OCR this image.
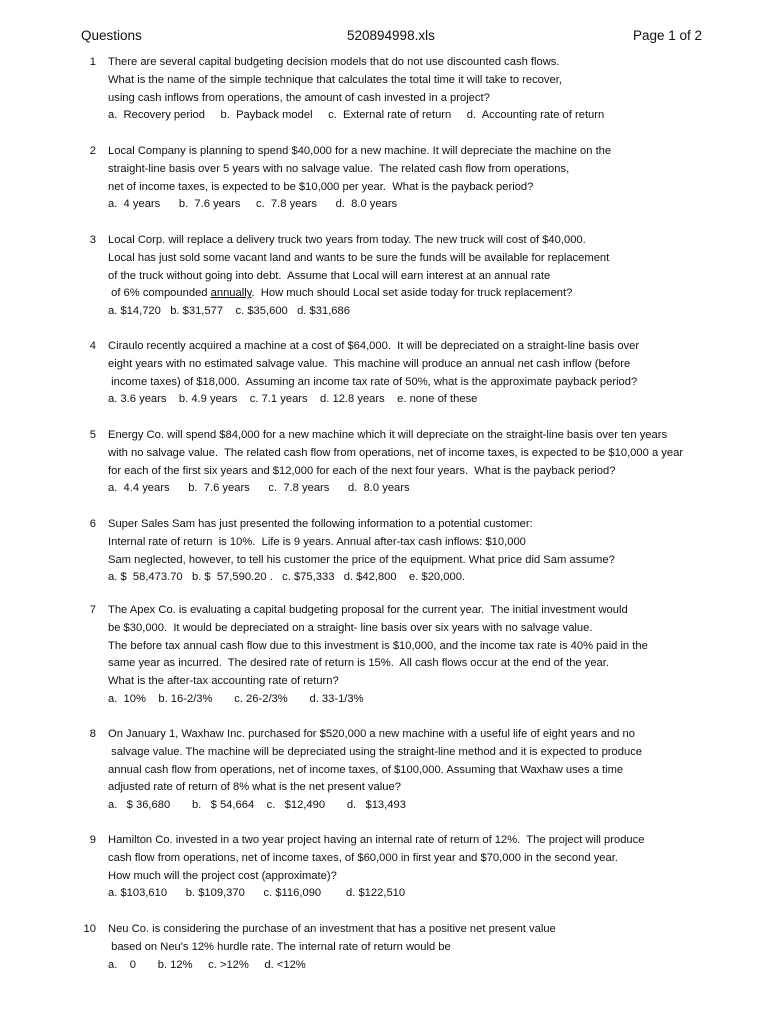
Questions	520894998.xls	Page 1 of 2
1 There are several capital budgeting decision models that do not use discounted cash flows.
What is the name of the simple technique that calculates the total time it will take to recover,
using cash inflows from operations, the amount of cash invested in a project?
a.  Recovery period     b.  Payback model     c.  External rate of return     d.  Accounting rate of return
2 Local Company is planning to spend $40,000 for a new machine. It will depreciate the machine on the
straight-line basis over 5 years with no salvage value.  The related cash flow from operations,
net of income taxes, is expected to be $10,000 per year.  What is the payback period?
a.  4 years      b.  7.6 years     c.  7.8 years      d.  8.0 years
3 Local Corp. will replace a delivery truck two years from today. The new truck will cost of $40,000.
Local has just sold some vacant land and wants to be sure the funds will be available for replacement
of the truck without going into debt.  Assume that Local will earn interest at an annual rate
of 6% compounded annually.  How much should Local set aside today for truck replacement?
a. $14,720   b. $31,577    c. $35,600   d. $31,686
4 Ciraulo recently acquired a machine at a cost of $64,000.  It will be depreciated on a straight-line basis over
eight years with no estimated salvage value.  This machine will produce an annual net cash inflow (before
income taxes) of $18,000.  Assuming an income tax rate of 50%, what is the approximate payback period?
a. 3.6 years    b. 4.9 years    c. 7.1 years    d. 12.8 years    e. none of these
5 Energy Co. will spend $84,000 for a new machine which it will depreciate on the straight-line basis over ten years
with no salvage value.  The related cash flow from operations, net of income taxes, is expected to be $10,000 a year
for each of the first six years and $12,000 for each of the next four years.  What is the payback period?
a.  4.4 years      b.  7.6 years      c.  7.8 years      d.  8.0 years
6 Super Sales Sam has just presented the following information to a potential customer:
Internal rate of return  is 10%.  Life is 9 years. Annual after-tax cash inflows: $10,000
Sam neglected, however, to tell his customer the price of the equipment. What price did Sam assume?
a. $  58,473.70   b. $  57,590.20 .   c. $75,333   d. $42,800    e. $20,000.
7 The Apex Co. is evaluating a capital budgeting proposal for the current year.  The initial investment would
be $30,000.  It would be depreciated on a straight- line basis over six years with no salvage value.
The before tax annual cash flow due to this investment is $10,000, and the income tax rate is 40% paid in the
same year as incurred.  The desired rate of return is 15%.  All cash flows occur at the end of the year.
What is the after-tax accounting rate of return?
a.  10%    b. 16-2/3%       c. 26-2/3%       d. 33-1/3%
8 On January 1, Waxhaw Inc. purchased for $520,000 a new machine with a useful life of eight years and no
salvage value. The machine will be depreciated using the straight-line method and it is expected to produce
annual cash flow from operations, net of income taxes, of $100,000. Assuming that Waxhaw uses a time
adjusted rate of return of 8% what is the net present value?
a.   $ 36,680       b.   $ 54,664    c.   $12,490       d.   $13,493
9 Hamilton Co. invested in a two year project having an internal rate of return of 12%.  The project will produce
cash flow from operations, net of income taxes, of $60,000 in first year and $70,000 in the second year.
How much will the project cost (approximate)?
a. $103,610      b. $109,370      c. $116,090        d. $122,510
10 Neu Co. is considering the purchase of an investment that has a positive net present value
based on Neu's 12% hurdle rate. The internal rate of return would be
a.    0       b. 12%     c. >12%     d. <12%
